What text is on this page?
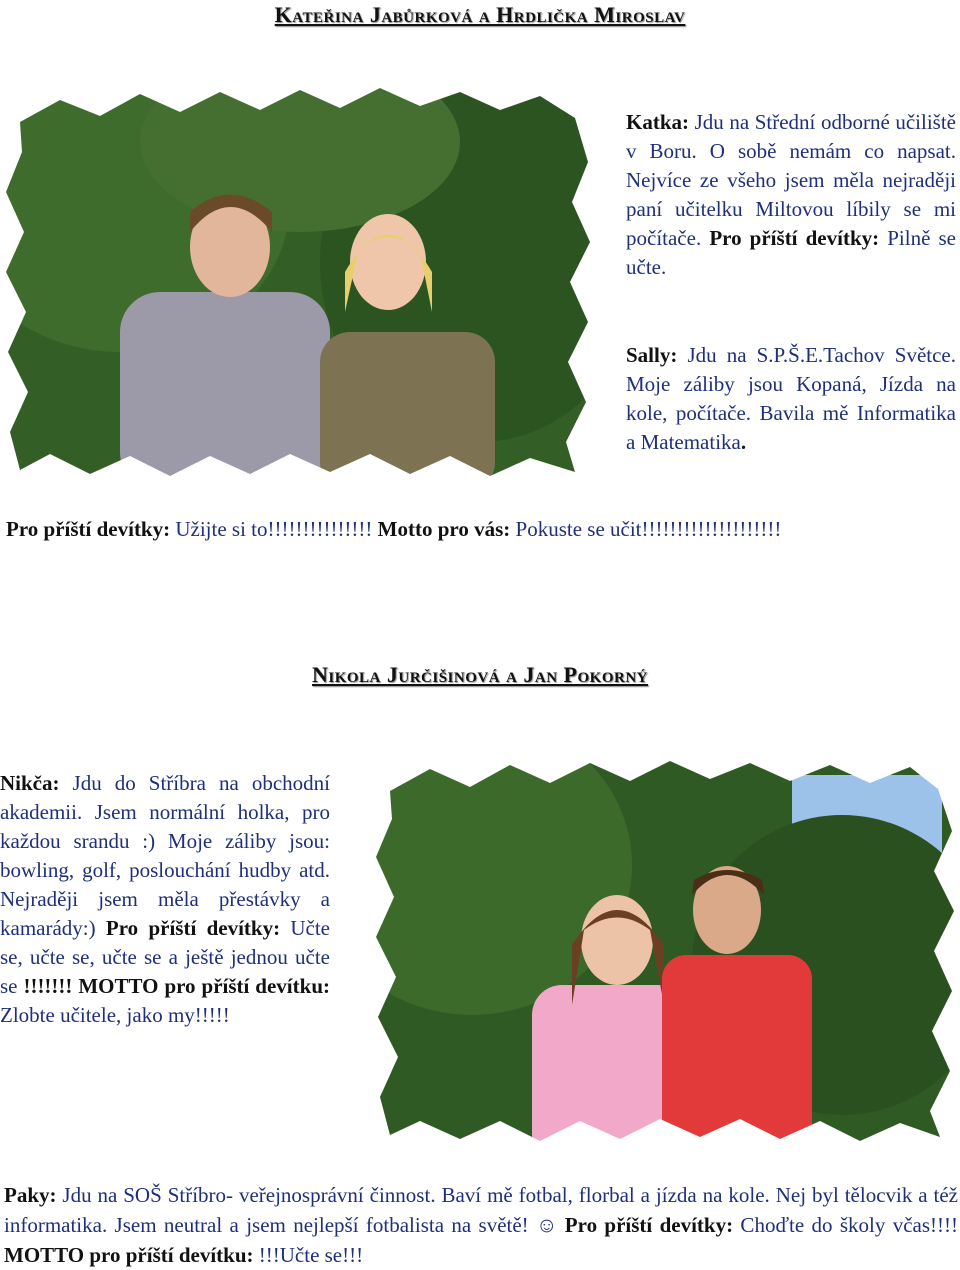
Kateřina Jabůrková a Hrdlička Miroslav

Katka: Jdu na Střední odborné učiliště v Boru. O sobě nemám co napsat. Nejvíce ze všeho jsem měla nejraději paní učitelku Miltovou líbily se mi počítače. Pro příští devítky: Pilně se učte.

Sally: Jdu na S.P.Š.E.Tachov Světce. Moje záliby jsou Kopaná, Jízda na kole, počítače. Bavila mě Informatika a Matematika.

Pro příští devítky: Užijte si to!!!!!!!!!!!!!!! Motto pro vás: Pokuste se učit!!!!!!!!!!!!!!!!!!!!

Nikola Jurčišinová a Jan Pokorný

Nikča: Jdu do Stříbra na obchodní akademii. Jsem normální holka, pro každou srandu :) Moje záliby jsou: bowling, golf, poslouchání hudby atd. Nejraději jsem měla přestávky a kamarády:) Pro příští devítky: Učte se, učte se, učte se a ještě jednou učte se !!!!!!! MOTTO pro příští devítku: Zlobte učitele, jako my!!!!!

Paky: Jdu na SOŠ Stříbro- veřejnosprávní činnost. Baví mě fotbal, florbal a jízda na kole. Nej byl tělocvik a též informatika. Jsem neutral a jsem nejlepší fotbalista na světě! ☺ Pro příští devítky: Choďte do školy včas!!!! MOTTO pro příští devítku: !!!Učte se!!!
